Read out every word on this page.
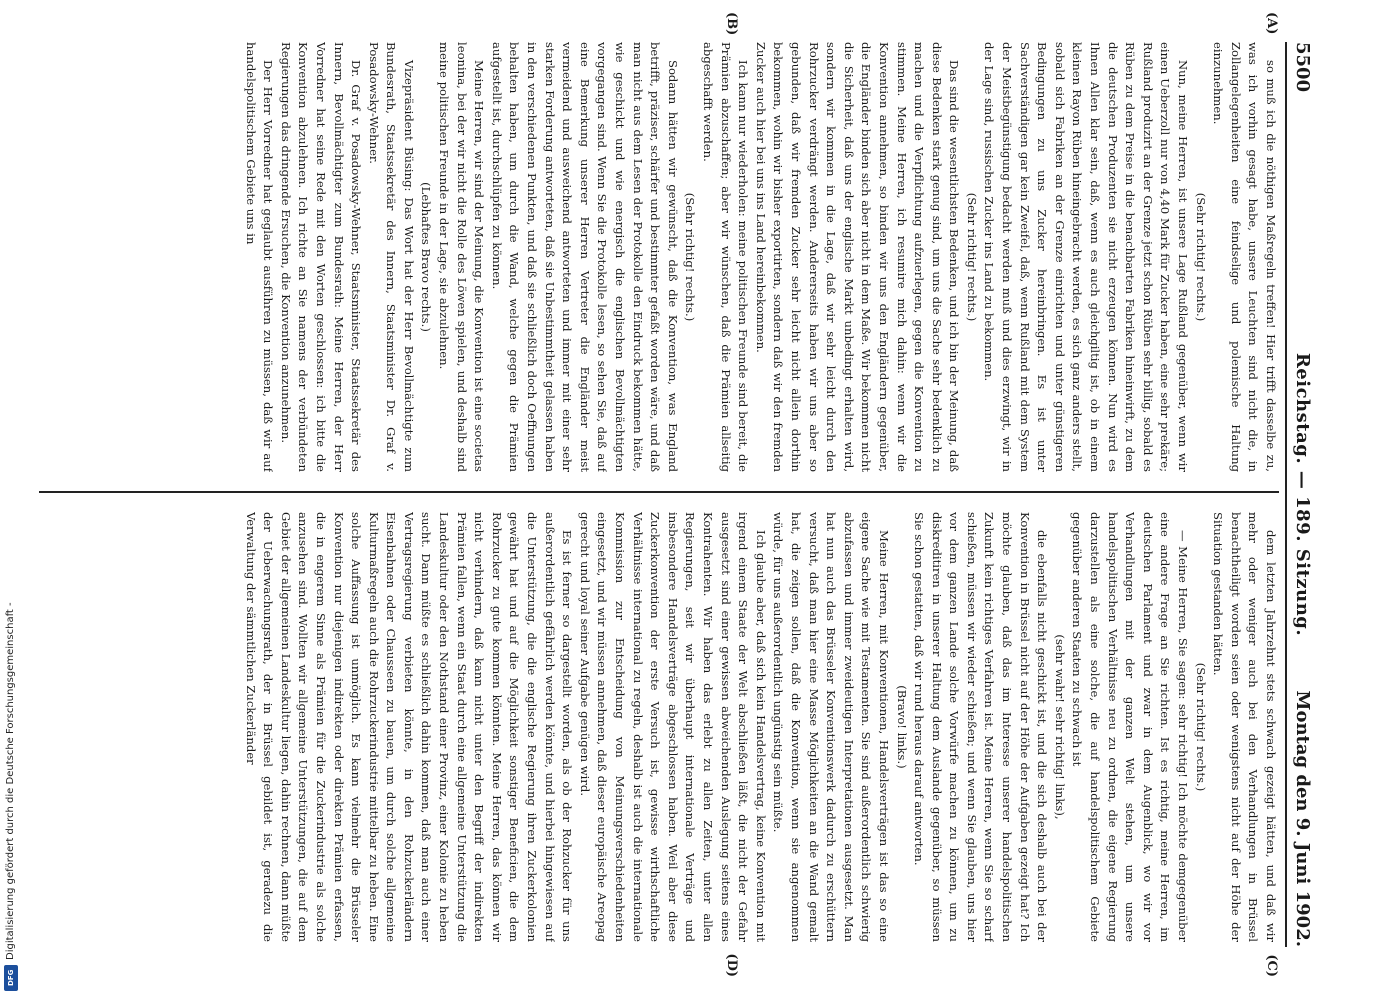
5500
Reichstag. — 189. Sitzung.
Montag den 9. Juni 1902.
(A)
(B)
(C)
(D)

so muß ich die nöthigen Maßregeln treffen! Hier trifft dasselbe zu, was ich vorhin gesagt habe, unsere Leuchten sind nicht die, in Zollangelegenheiten eine feindselige und polemische Haltung einzunehmen.

(Sehr richtig! rechts.)

Nun, meine Herren, ist unsere Lage Rußland gegenüber, wenn wir einen Ueberzoll nur von 4,40 Mark für Zucker haben, eine sehr prekäre; Rußland produzirt an der Grenze jetzt schon Rüben sehr billig, sobald es Rüben zu dem Preise in die benachbarten Fabriken hineinwirft, zu dem die deutschen Produzenten sie nicht erzeugen können. Nun wird es Ihnen Allen klar sein, daß, wenn es auch gleichgiltig ist, ob in einem kleinen Rayon Rüben hineingebracht werden, es sich ganz anders stellt, sobald sich Fabriken an der Grenze einrichten und unter günstigeren Bedingungen zu uns Zucker hereinbringen. Es ist unter Sachverständigen gar kein Zweifel, daß, wenn Rußland mit dem System der Meistbegünstigung bedacht werden muß und dies erzwingt, wir in der Lage sind, russischen Zucker ins Land zu bekommen.

(Sehr richtig! rechts.)

Das sind die wesentlichsten Bedenken, und ich bin der Meinung, daß diese Bedenken stark genug sind, um uns die Sache sehr bedenklich zu machen und die Verpflichtung aufzuerlegen, gegen die Konvention zu stimmen. Meine Herren, ich resumire mich dahin: wenn wir die Konvention annehmen, so binden wir uns den Engländern gegenüber, die Engländer binden sich aber nicht in dem Maße. Wir bekommen nicht die Sicherheit, daß uns der englische Markt unbedingt erhalten wird, sondern wir kommen in die Lage, daß wir sehr leicht durch den Rohrzucker verdrängt werden. Andererseits haben wir uns aber so gebunden, daß wir fremden Zucker sehr leicht nicht allein dorthin bekommen, wohin wir bisher exportirten, sondern daß wir den fremden Zucker auch hier bei uns ins Land hereinbekommen.

Ich kann nur wiederholen: meine politischen Freunde sind bereit, die Prämien abzuschaffen; aber wir wünschen, daß die Prämien allseitig abgeschafft werden.

(Sehr richtig! rechts.)

Sodann hätten wir gewünscht, daß die Konvention, was England betrifft, präziser, schärfer und bestimmter gefaßt worden wäre, und daß man nicht aus dem Lesen der Protokolle den Eindruck bekommen hätte, wie geschickt und wie energisch die englischen Bevollmächtigten vorgegangen sind. Wenn Sie die Protokolle lesen, so sehen Sie, daß auf eine Bemerkung unserer Herren Vertreter die Engländer meist vermeidend und ausweichend antworteten und immer mit einer sehr starken Forderung antworteten, daß sie Unbestimmtheit gelassen haben in den verschiedenen Punkten, und daß sie schließlich doch Oeffnungen behalten haben, um durch die Wand, welche gegen die Prämien aufgestellt ist, durchschlüpfen zu können.

Meine Herren, wir sind der Meinung, die Konvention ist eine societas leonina, bei der wir nicht die Rolle des Löwen spielen, und deshalb sind meine politischen Freunde in der Lage, sie abzulehnen.

(Lebhaftes Bravo rechts.)

Vizepräsident Büsing: Das Wort hat der Herr Bevollmächtigte zum Bundesrath, Staatssekretär des Innern, Staatsminister Dr. Graf v. Posadowsky-Wehner.

Dr. Graf v. Posadowsky-Wehner, Staatsminister, Staatssekretär des Innern, Bevollmächtigter zum Bundesrath: Meine Herren, der Herr Vorredner hat seine Rede mit den Worten geschlossen: ich bitte die Konvention abzulehnen. Ich richte an Sie namens der verbündeten Regierungen das dringende Ersuchen, die Konvention anzunehmen.

Der Herr Vorredner hat geglaubt ausführen zu müssen, daß wir auf handelspolitischem Gebiete uns in

dem letzten Jahrzehnt stets schwach gezeigt hätten, und daß wir mehr oder weniger auch bei den Verhandlungen in Brüssel benachtheiligt worden seien oder wenigstens nicht auf der Höhe der Situation gestanden hätten.

(Sehr richtig! rechts.)

— Meine Herren, Sie sagen: sehr richtig! Ich möchte demgegenüber eine andere Frage an Sie richten. Ist es richtig, meine Herren, im deutschen Parlament und zwar in dem Augenblick, wo wir vor Verhandlungen mit der ganzen Welt stehen, um unsere handelspolitischen Verhältnisse neu zu ordnen, die eigene Regierung darzustellen als eine solche, die auf handelspolitischem Gebiete gegenüber anderen Staaten zu schwach ist

(sehr wahr! sehr richtig! links),

die ebenfalls nicht geschickt ist, und die sich deshalb auch bei der Konvention in Brüssel nicht auf der Höhe der Aufgaben gezeigt hat? Ich möchte glauben, daß das im Interesse unserer handelspolitischen Zukunft kein richtiges Verfahren ist. Meine Herren, wenn Sie so scharf schießen, müssen wir wieder schießen; und wenn Sie glauben, uns hier vor dem ganzen Lande solche Vorwürfe machen zu können, um zu diskreditiren in unserer Haltung dem Auslande gegenüber, so müssen Sie schon gestatten, daß wir rund heraus darauf antworten.

(Bravo! links.)

Meine Herren, mit Konventionen, Handelsverträgen ist das so eine eigene Sache wie mit Testamenten. Sie sind außerordentlich schwierig abzufassen und immer zweideutigen Interpretationen ausgesetzt. Man hat nun auch das Brüsseler Konventionswerk dadurch zu erschüttern versucht, daß man hier eine Masse Möglichkeiten an die Wand gemalt hat, die zeigen sollen, daß die Konvention, wenn sie angenommen würde, für uns außerordentlich ungünstig sein müßte.

Ich glaube aber, daß sich kein Handelsvertrag, keine Konvention mit irgend einem Staate der Welt abschließen läßt, die nicht der Gefahr ausgesetzt sind einer gewissen abweichenden Auslegung seitens eines Kontrahenten. Wir haben das erlebt zu allen Zeiten, unter allen Regierungen, seit wir überhaupt internationale Verträge und insbesondere Handelsverträge abgeschlossen haben. Weil aber diese Zuckerkonvention der erste Versuch ist, gewisse wirthschaftliche Verhältnisse international zu regeln, deshalb ist auch die internationale Kommission zur Entscheidung von Meinungsverschiedenheiten eingesetzt, und wir müssen annehmen, daß dieser europäische Areopag gerecht und loyal seiner Aufgabe genügen wird.

Es ist ferner so dargestellt worden, als ob der Rohzucker für uns außerordentlich gefährlich werden könnte, und hierbei hingewiesen auf die Unterstützung, die die englische Regierung ihren Zuckerkolonien gewährt hat und auf die Möglichkeit sonstiger Beneficien, die dem Rohrzucker zu gute kommen könnten. Meine Herren, das können wir nicht verhindern, daß kann nicht unter den Begriff der indirekten Prämien fallen, wenn ein Staat durch eine allgemeine Unterstützung die Landeskultur oder den Nothstand einer Provinz, einer Kolonie zu heben sucht. Dann müßte es schließlich dahin kommen, daß man auch einer Vertragsregierung verbieten könnte, in den Rohzuckerländern Eisenbahnen oder Chausseen zu bauen, um durch solche allgemeine Kulturmaßregeln auch die Rohrzuckerindustrie mittelbar zu heben. Eine solche Auffassung ist unmöglich. Es kann vielmehr die Brüsseler Konvention nur diejenigen indirekten oder direkten Prämien erfassen, die in engerem Sinne als Prämien für die Zuckerindustrie als solche anzusehen sind. Wollten wir allgemeine Unterstützungen, die auf dem Gebiet der allgemeinen Landeskultur liegen, dahin rechnen, dann müßte der Ueberwachungsrath, der in Brüssel gebildet ist, geradezu die Verwaltung der sämmtlichen Zuckerländer

Digitalisierung gefördert durch die Deutsche Forschungsgemeinschaft -
DFG
